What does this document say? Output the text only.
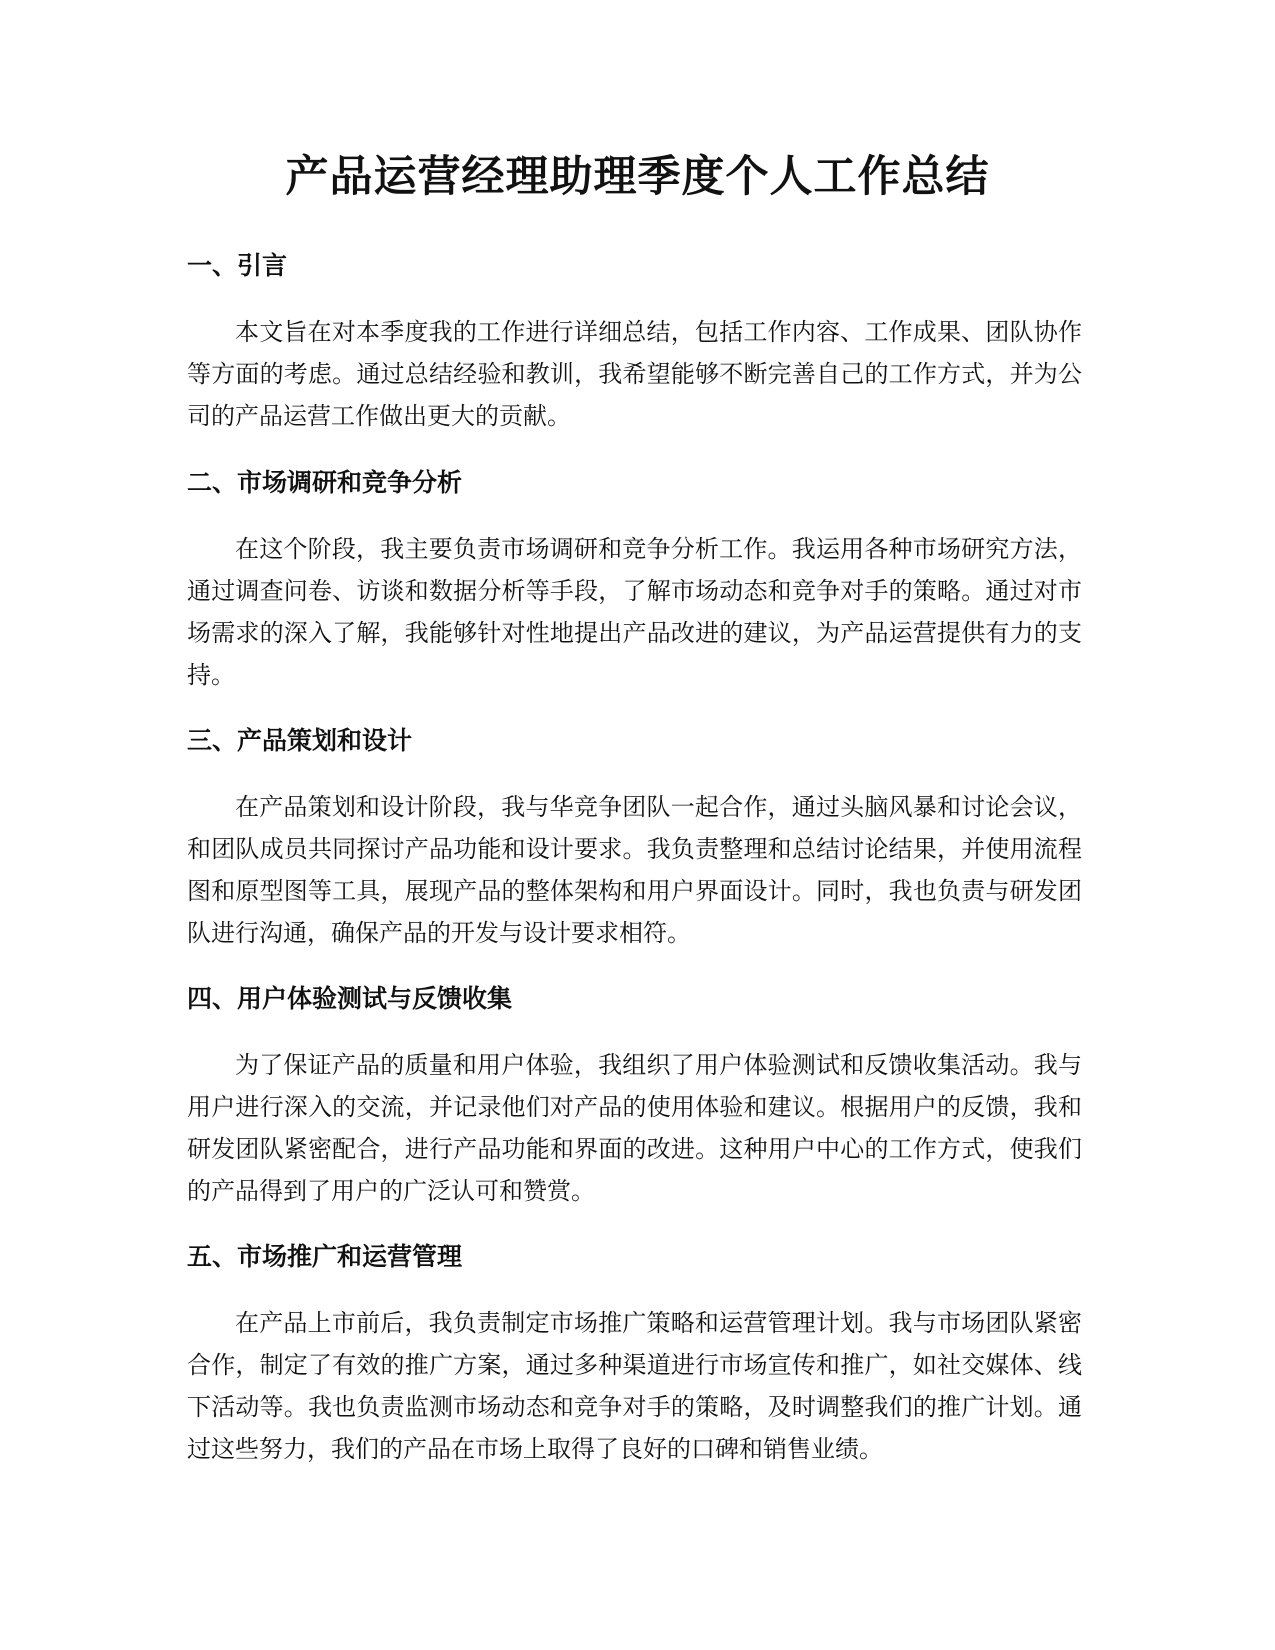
产品运营经理助理季度个人工作总结
一、引言

本文旨在对本季度我的工作进行详细总结，包括工作内容、工作成果、团队协作等方面的考虑。通过总结经验和教训，我希望能够不断完善自己的工作方式，并为公司的产品运营工作做出更大的贡献。

二、市场调研和竞争分析

在这个阶段，我主要负责市场调研和竞争分析工作。我运用各种市场研究方法，通过调查问卷、访谈和数据分析等手段，了解市场动态和竞争对手的策略。通过对市场需求的深入了解，我能够针对性地提出产品改进的建议，为产品运营提供有力的支持。

三、产品策划和设计

在产品策划和设计阶段，我与华竞争团队一起合作，通过头脑风暴和讨论会议，和团队成员共同探讨产品功能和设计要求。我负责整理和总结讨论结果，并使用流程图和原型图等工具，展现产品的整体架构和用户界面设计。同时，我也负责与研发团队进行沟通，确保产品的开发与设计要求相符。

四、用户体验测试与反馈收集

为了保证产品的质量和用户体验，我组织了用户体验测试和反馈收集活动。我与用户进行深入的交流，并记录他们对产品的使用体验和建议。根据用户的反馈，我和研发团队紧密配合，进行产品功能和界面的改进。这种用户中心的工作方式，使我们的产品得到了用户的广泛认可和赞赏。

五、市场推广和运营管理

在产品上市前后，我负责制定市场推广策略和运营管理计划。我与市场团队紧密合作，制定了有效的推广方案，通过多种渠道进行市场宣传和推广，如社交媒体、线下活动等。我也负责监测市场动态和竞争对手的策略，及时调整我们的推广计划。通过这些努力，我们的产品在市场上取得了良好的口碑和销售业绩。
